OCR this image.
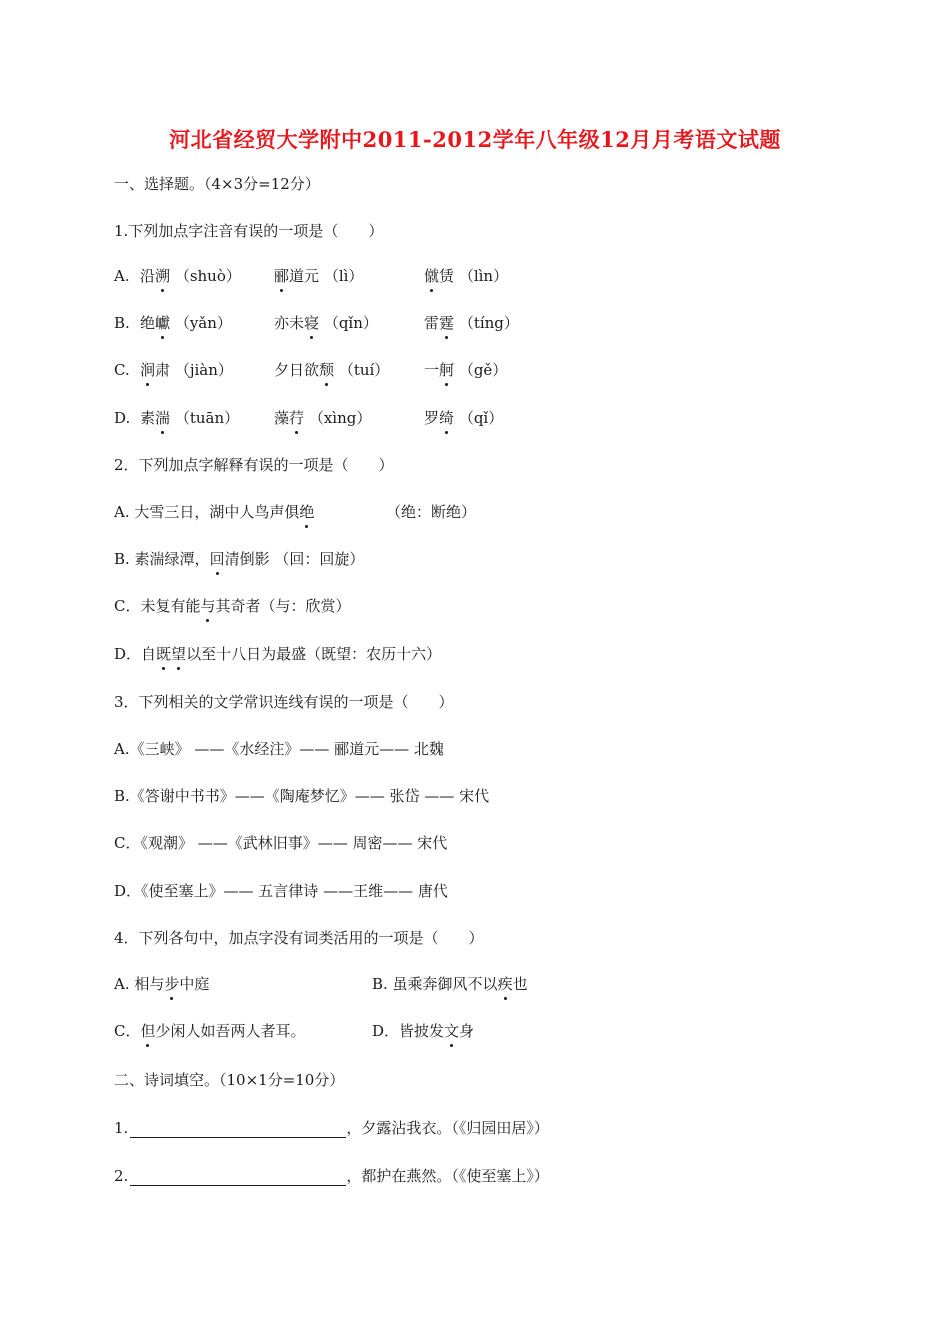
河北省经贸大学附中2011-2012学年八年级12月月考语文试题
一、选择题。（4×3分=12分）
1.下列加点字注音有误的一项是（　　）
A. 沿溯 （shuò） 郦道元 （lì）	僦赁 （lìn）
B. 绝巘 （yǎn）	亦未寝 （qǐn）	雷霆 （tíng）
C. 涧肃 （jiàn）	夕日欲颓 （tuí） 一舸 （gě）
D. 素湍 （tuān） 藻荇 （xìng）	罗绮 （qǐ）
2．下列加点字解释有误的一项是（　　）
A. 大雪三日，湖中人鸟声俱绝	（绝：断绝）
B. 素湍绿潭，回清倒影 （回：回旋）
C．未复有能与其奇者（与：欣赏）
D．自既望以至十八日为最盛（既望：农历十六）
3．下列相关的文学常识连线有误的一项是（　　）
A.《三峡》 ——《水经注》—— 郦道元—— 北魏
B.《答谢中书书》——《陶庵梦忆》—— 张岱 —— 宋代
C．《观潮》 ——《武林旧事》—— 周密—— 宋代
D．《使至塞上》—— 五言律诗 ——王维—— 唐代
4．下列各句中，加点字没有词类活用的一项是（　　）
A. 相与步中庭	B. 虽乘奔御风不以疾也
C．但少闲人如吾两人者耳。	D．皆披发文身
二、诗词填空。（10×1分=10分）
1.	，夕露沾我衣。（《归园田居》）
2.	，都护在燕然。（《使至塞上》）
